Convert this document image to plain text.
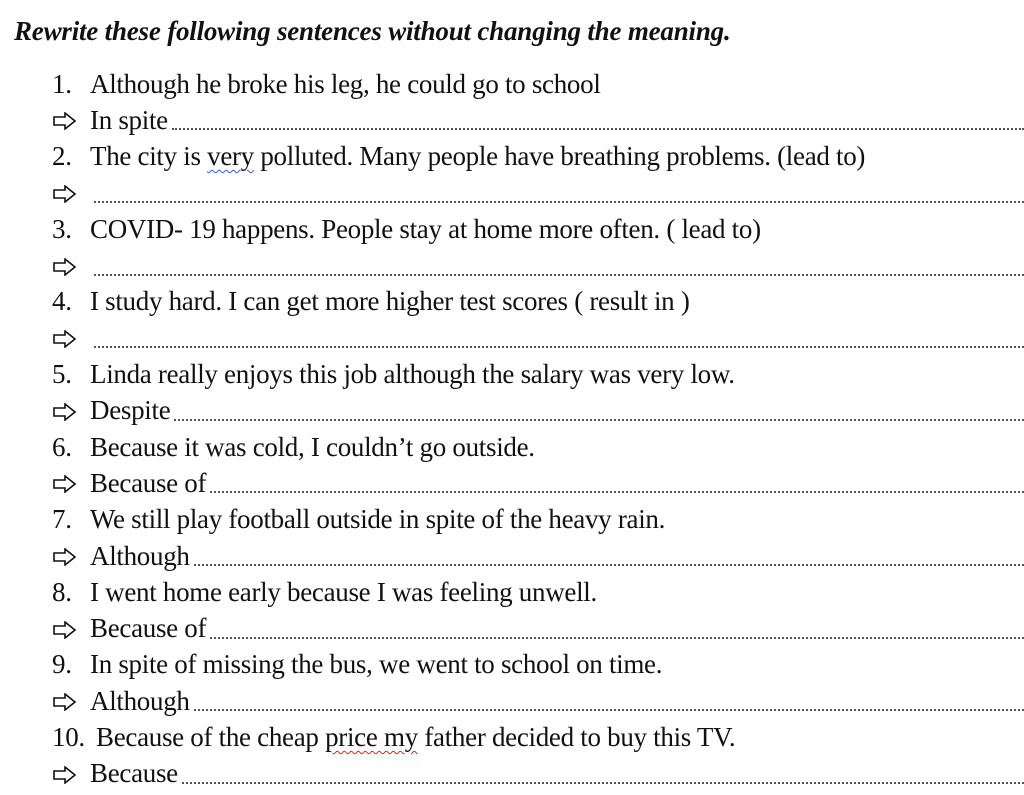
Rewrite these following sentences without changing the meaning.
1. Although he broke his leg, he could go to school
In spite
2. The city is very polluted. Many people have breathing problems. (lead to)
3. COVID- 19 happens. People stay at home more often. ( lead to)
4. I study hard. I can get more higher test scores ( result in )
5. Linda really enjoys this job although the salary was very low.
Despite
6. Because it was cold, I couldn’t go outside.
Because of
7. We still play football outside in spite of the heavy rain.
Although
8. I went home early because I was feeling unwell.
Because of
9. In spite of missing the bus, we went to school on time.
Although
10. Because of the cheap price my father decided to buy this TV.
Because
